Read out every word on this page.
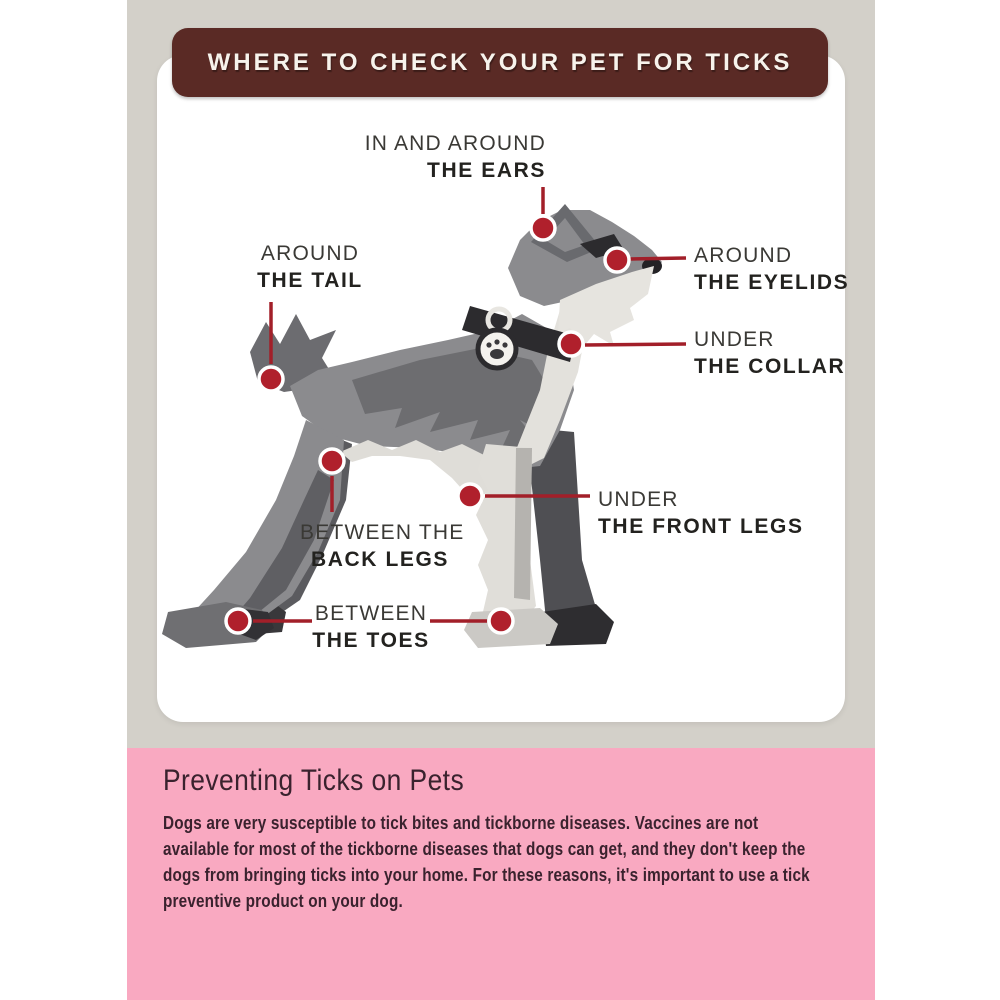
WHERE TO CHECK YOUR PET FOR TICKS
IN AND AROUND
THE EARS
AROUND
THE EYELIDS
UNDER
THE COLLAR
AROUND
THE TAIL
BETWEEN THE
BACK LEGS
UNDER
THE FRONT LEGS
BETWEEN
THE TOES
Preventing Ticks on Pets

Dogs are very susceptible to tick bites and tickborne diseases. Vaccines are not available for most of the tickborne diseases that dogs can get, and they don't keep the dogs from bringing ticks into your home. For these reasons, it's important to use a tick preventive product on your dog.
